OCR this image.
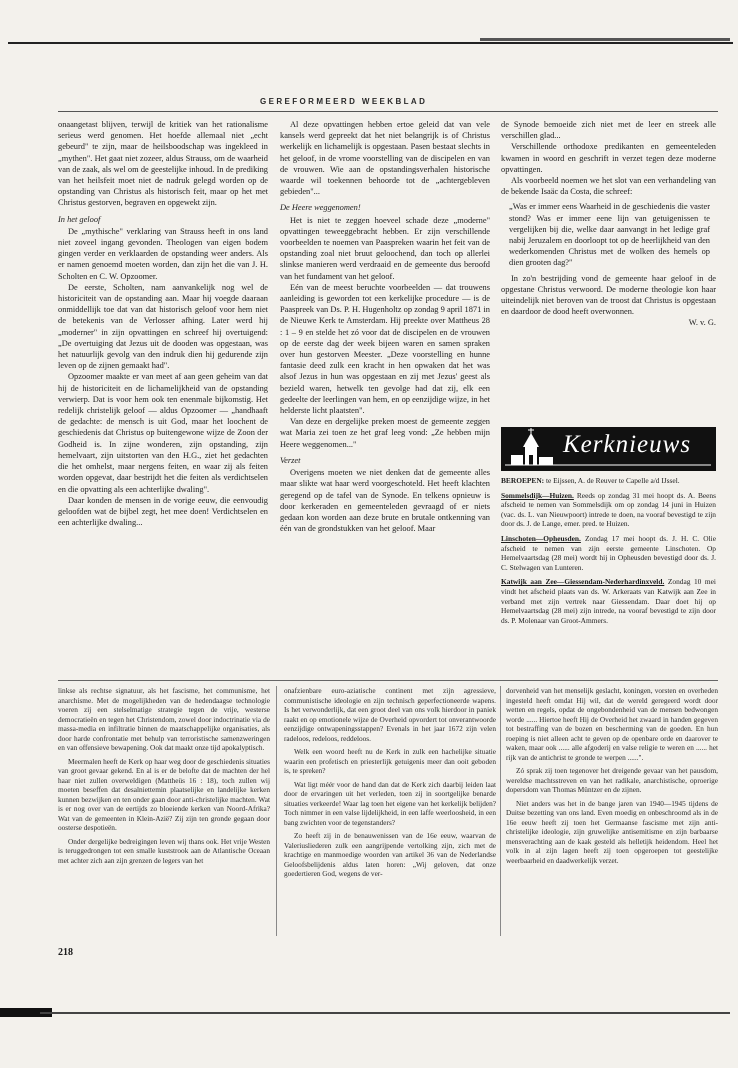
GEREFORMEERD WEEKBLAD

onaangetast blijven, terwijl de kritiek van het rationalisme serieus werd genomen. Het hoefde allemaal niet „echt gebeurd" te zijn, maar de heilsboodschap was ingekleed in „mythen". Het gaat niet zozeer, aldus Strauss, om de waarheid van de zaak, als wel om de geestelijke inhoud. In de prediking van het heilsfeit moet niet de nadruk gelegd worden op de opstanding van Christus als historisch feit, maar op het met Christus gestorven, begraven en opgewekt zijn.

In het geloof

De „mythische" verklaring van Strauss heeft in ons land niet zoveel ingang gevonden. Theologen van eigen bodem gingen verder en verklaarden de opstanding weer anders. Als er namen genoemd moeten worden, dan zijn het die van J. H. Scholten en C. W. Opzoomer.

De eerste, Scholten, nam aanvankelijk nog wel de historiciteit van de opstanding aan. Maar hij voegde daaraan onmiddellijk toe dat van dat historisch geloof voor hem niet de betekenis van de Verlosser afhing. Later werd hij „moderner" in zijn opvattingen en schreef hij overtuigend: „De overtuiging dat Jezus uit de dooden was opgestaan, was het natuurlijk gevolg van den indruk dien hij gedurende zijn leven op de zijnen gemaakt had".

Opzoomer maakte er van meet af aan geen geheim van dat hij de historiciteit en de lichamelijkheid van de opstanding verwierp. Dat is voor hem ook ten enenmale bijkomstig. Het redelijk christelijk geloof — aldus Opzoomer — „handhaaft de gedachte: de mensch is uit God, maar het loochent de geschiedenis dat Christus op buitengewone wijze de Zoon der Godheid is. In zijne wonderen, zijn opstanding, zijn hemelvaart, zijn uitstorten van den H.G., ziet het gedachten die het omhelst, maar nergens feiten, en waar zij als feiten worden opgevat, daar bestrijdt het die feiten als verdichtselen en die opvatting als een achterlijke dwaling".

Daar konden de mensen in de vorige eeuw, die eenvoudig geloofden wat de bijbel zegt, het mee doen! Verdichtselen en een achterlijke dwaling...

Al deze opvattingen hebben ertoe geleid dat van vele kansels werd gepreekt dat het niet belangrijk is of Christus werkelijk en lichamelijk is opgestaan. Pasen bestaat slechts in het geloof, in de vrome voorstelling van de discipelen en van de vrouwen. Wie aan de opstandingsverhalen historische waarde wil toekennen behoorde tot de „achtergebleven gebieden"...

De Heere weggenomen!

Het is niet te zeggen hoeveel schade deze „moderne" opvattingen teweeggebracht hebben. Er zijn verschillende voorbeelden te noemen van Paaspreken waarin het feit van de opstanding zoal niet bruut geloochend, dan toch op allerlei slinkse manieren werd verdraaid en de gemeente dus beroofd van het fundament van het geloof.

Eén van de meest beruchte voorbeelden — dat trouwens aanleiding is geworden tot een kerkelijke procedure — is de Paaspreek van Ds. P. H. Hugenholtz op zondag 9 april 1871 in de Nieuwe Kerk te Amsterdam. Hij preekte over Mattheus 28 : 1 – 9 en stelde het zó voor dat de discipelen en de vrouwen op de eerste dag der week bijeen waren en samen spraken over hun gestorven Meester. „Deze voorstelling en hunne fantasie deed zulk een kracht in hen opwaken dat het was alsof Jezus in hun was opgestaan en zij met Jezus' geest als bezield waren, hetwelk ten gevolge had dat zij, elk een gedeelte der leerlingen van hem, en op eenzijdige wijze, in het helderste licht plaatsten".

Van deze en dergelijke preken moest de gemeente zeggen wat Maria zei toen ze het graf leeg vond: „Ze hebben mijn Heere weggenomen..."

Verzet

Overigens moeten we niet denken dat de gemeente alles maar slikte wat haar werd voorgeschoteld. Het heeft klachten geregend op de tafel van de Synode. En telkens opnieuw is door kerkeraden en gemeenteleden gevraagd of er niets gedaan kon worden aan deze brute en brutale ontkenning van één van de grondstukken van het geloof. Maar

de Synode bemoeide zich niet met de leer en streek alle verschillen glad...

Verschillende orthodoxe predikanten en gemeenteleden kwamen in woord en geschrift in verzet tegen deze moderne opvattingen.

Als voorbeeld noemen we het slot van een verhandeling van de bekende Isaäc da Costa, die schreef:

„Was er immer eens Waarheid in de geschiedenis die vaster stond? Was er immer eene lijn van getuigenissen te vergelijken bij die, welke daar aanvangt in het ledige graf nabij Jeruzalem en doorloopt tot op de heerlijkheid van den wederkomenden Christus met de wolken des hemels op dien grooten dag?"

In zo'n bestrijding vond de gemeente haar geloof in de opgestane Christus verwoord. De moderne theologie kon haar uiteindelijk niet beroven van de troost dat Christus is opgestaan en daardoor de dood heeft overwonnen.

W. v. G.

Kerknieuws

BEROEPEN: te Eijssen, A. de Reuver te Capelle a/d IJssel.

Sommelsdijk—Huizen. Reeds op zondag 31 mei hoopt ds. A. Beens afscheid te nemen van Sommelsdijk om op zondag 14 juni in Huizen (vac. ds. L. van Nieuwpoort) intrede te doen, na vooraf bevestigd te zijn door ds. J. de Lange, emer. pred. te Huizen.

Linschoten—Opheusden. Zondag 17 mei hoopt ds. J. H. C. Olie afscheid te nemen van zijn eerste gemeente Linschoten. Op Hemelvaartsdag (28 mei) wordt hij in Opheusden bevestigd door ds. J. C. Stelwagen van Lunteren.

Katwijk aan Zee—Giessendam-Nederhardinxveld. Zondag 10 mei vindt het afscheid plaats van ds. W. Arkeraats van Katwijk aan Zee in verband met zijn vertrek naar Giessendam. Daar doet hij op Hemelvaartsdag (28 mei) zijn intrede, na vooraf bevestigd te zijn door ds. P. Molenaar van Groot-Ammers.

linkse als rechtse signatuur, als het fascisme, het communisme, het anarchisme. Met de mogelijkheden van de hedendaagse technologie voeren zij een stelselmatige strategie tegen de vrije, westerse democratieën en tegen het Christendom, zowel door indoctrinatie via de massa-media en infiltratie binnen de maatschappelijke organisaties, als door harde confrontatie met behulp van terroristische samenzweringen en van offensieve bewapening. Ook dat maakt onze tijd apokalyptisch.

Meermalen heeft de Kerk op haar weg door de geschiedenis situaties van groot gevaar gekend. En al is er de beloftе dat de machten der hel haar niet zullen overweldigen (Mattheüs 16 : 18), toch zullen wij moeten beseffen dat desalniettemin plaatselijke en landelijke kerken kunnen bezwijken en ten onder gaan door anti-christelijke machten. Wat is er nog over van de eertijds zo bloeiende kerken van Noord-Afrika? Wat van de gemeenten in Klein-Azië? Zij zijn ten gronde gegaan door oosterse despotieën.

Onder dergelijke bedreigingen leven wij thans ook. Het vrije Westen is teruggedrongen tot een smalle kuststrook aan de Atlantische Oceaan met achter zich aan zijn grenzen de legers van het

onafzienbare euro-aziatische continent met zijn agressieve, communistische ideologie en zijn technisch geperfectioneerde wapens. Is het verwonderlijk, dat een groot deel van ons volk hierdoor in paniek raakt en op emotionele wijze de Overheid opvordert tot onverantwoorde eenzijdige ontwapeningsstappen? Evenals in het jaar 1672 zijn velen radeloos, redeloos, reddeloos.

Welk een woord heeft nu de Kerk in zulk een hachelijke situatie waarin een profetisch en priesterlijk getuigenis meer dan ooit geboden is, te spreken?

Wat ligt méér voor de hand dan dat de Kerk zich daarbij leiden laat door de ervaringen uit het verleden, toen zij in soortgelijke benarde situaties verkeerde! Waar lag toen het eigene van het kerkelijk belijden? Toch nimmer in een valse lijdelijkheid, in een laffe weerloosheid, in een bang zwichten voor de tegenstanders?

Zo heeft zij in de benauwenissen van de 16e eeuw, waarvan de Valeriusliederen zulk een aangrijpende vertolking zijn, zich met de krachtige en manmoedige woorden van artikel 36 van de Nederlandse Geloofsbelijdenis aldus laten horen: „Wij geloven, dat onze goedertieren God, wegens de ver-

dorvenheid van het menselijk geslacht, koningen, vorsten en overheden ingesteld heeft omdat Hij wil, dat de wereld geregeerd wordt door wetten en regels, opdat de ongebondenheid van de mensen bedwongen worde ...... Hiertoe heeft Hij de Overheid het zwaard in handen gegeven tot bestraffing van de bozen en bescherming van de goeden. En hun roeping is niet alleen acht te geven op de openbare orde en daarover te waken, maar ook ...... alle afgoderij en valse religie te weren en ...... het rijk van de antichrist te gronde te werpen ......".

Zó sprak zij toen tegenover het dreigende gevaar van het pausdom, wereldse machtsstreven en van het radikale, anarchistische, oproerige dopersdom van Thomas Müntzer en de zijnen.

Niet anders was het in de bange jaren van 1940—1945 tijdens de Duitse bezetting van ons land. Even moedig en onbeschroomd als in de 16e eeuw heeft zij toen het Germaanse fascisme met zijn anti-christelijke ideologie, zijn gruwelijke antisemitisme en zijn barbaarse mensverachting aan de kaak gesteld als helletijk heidendom. Heel het volk in al zijn lagen heeft zij toen opgeroepen tot geestelijke weerbaarheid en daadwerkelijk verzet.

218
